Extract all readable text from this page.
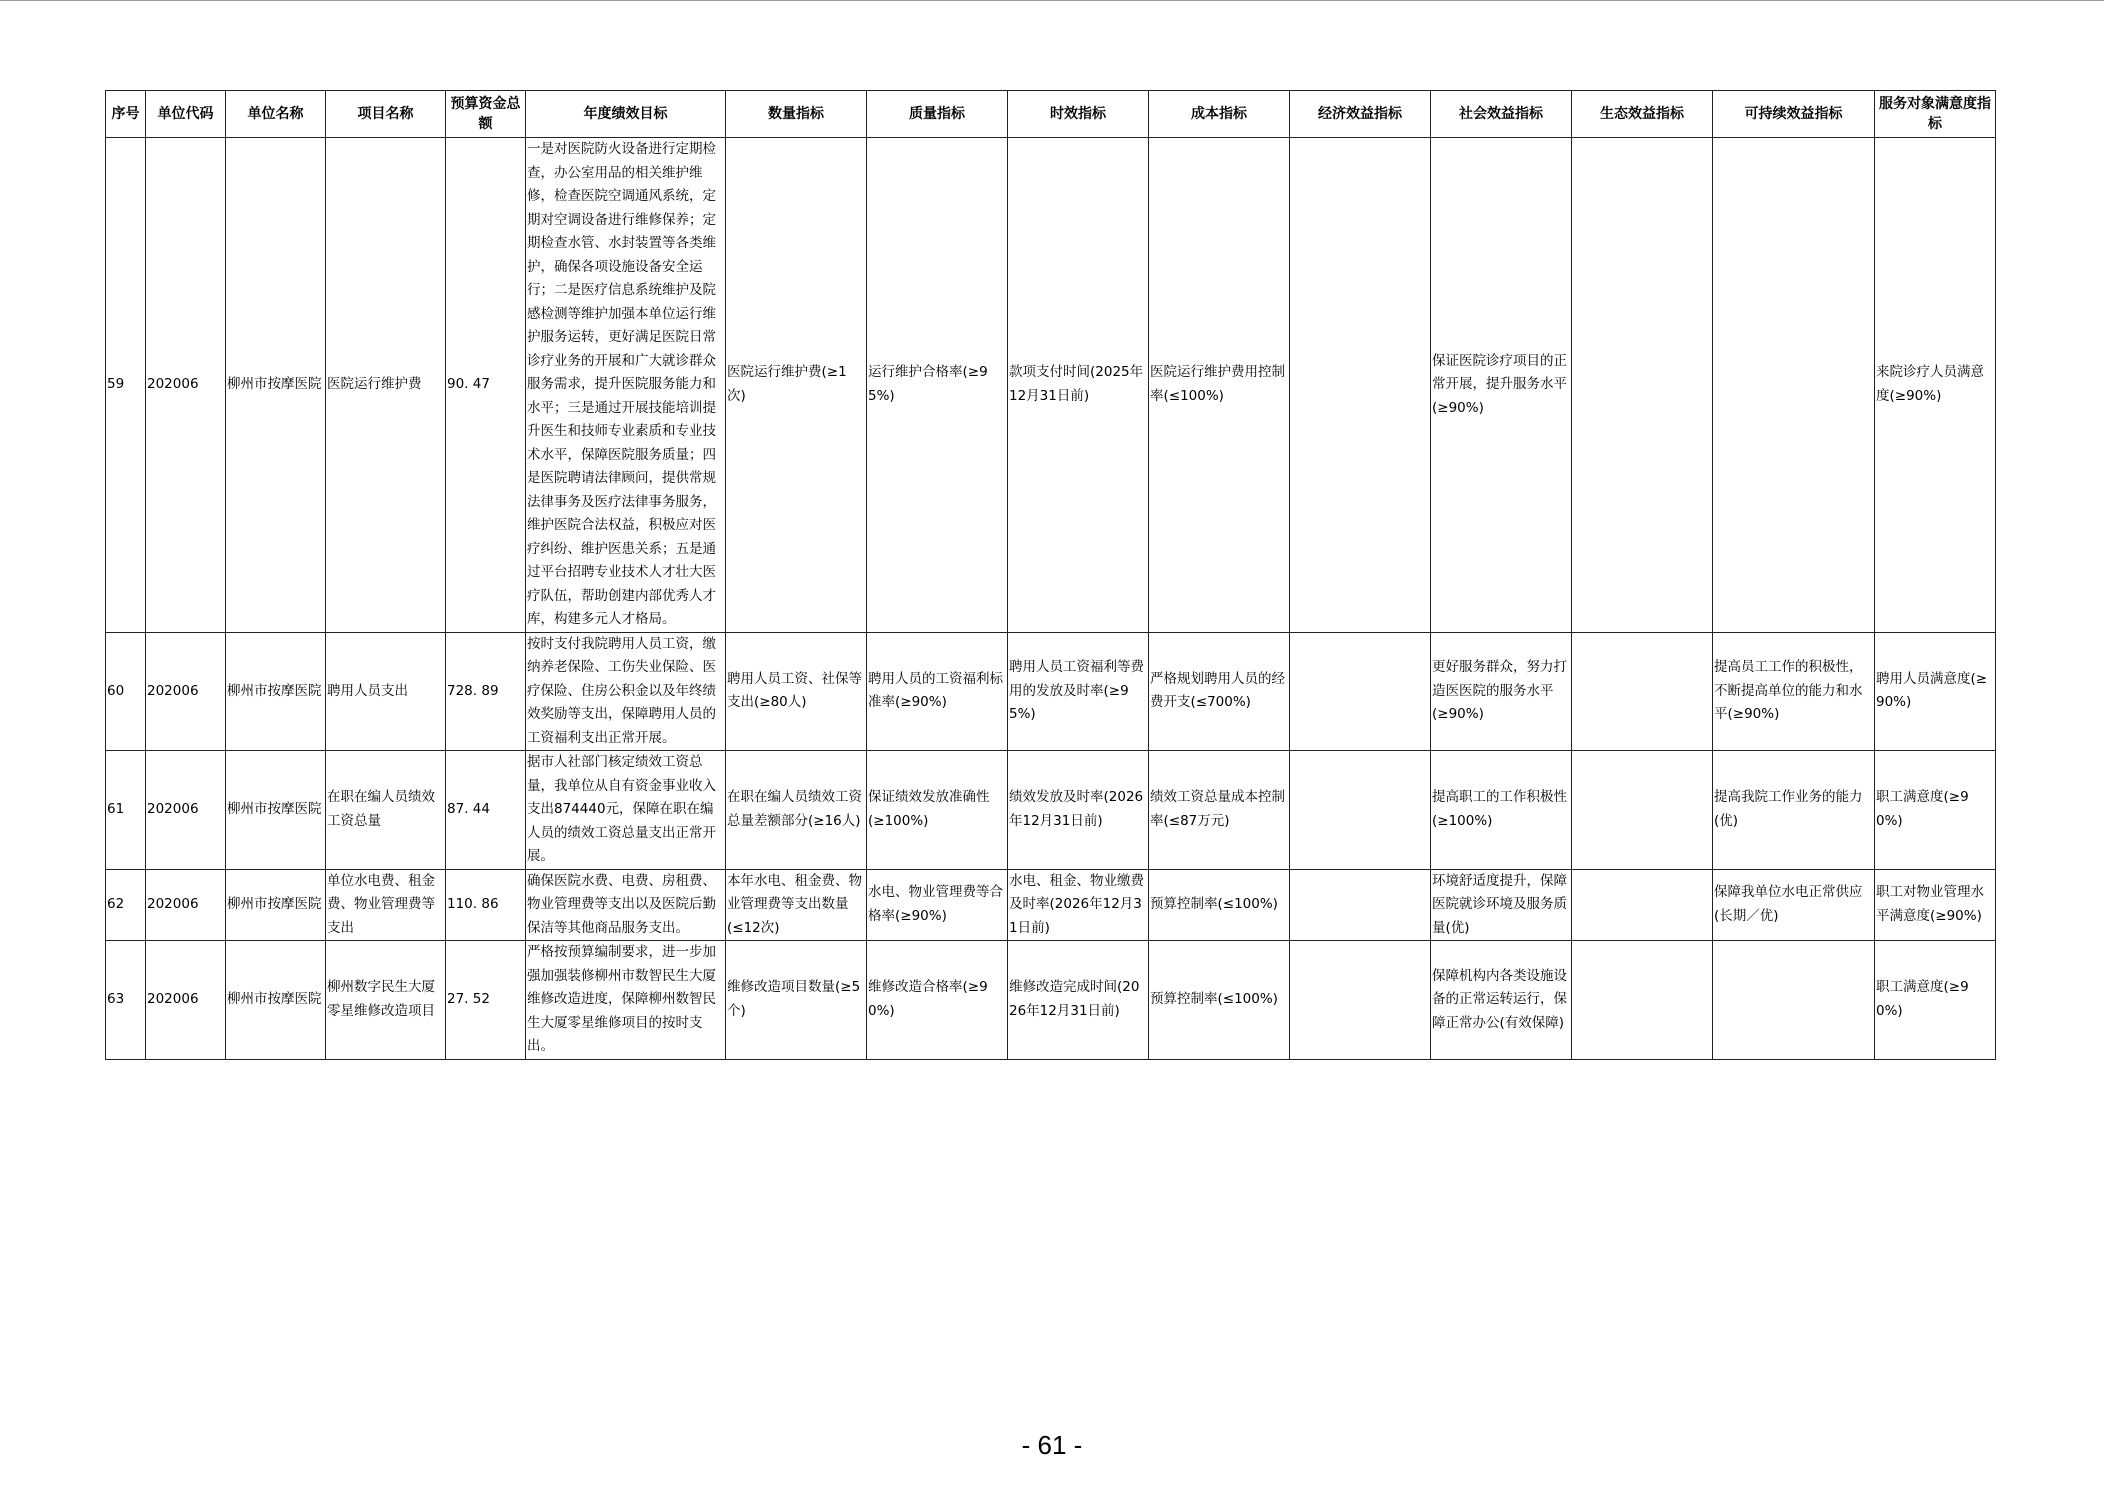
序号	单位代码	单位名称	项目名称	预算资金总额	年度绩效目标	数量指标	质量指标	时效指标	成本指标	经济效益指标	社会效益指标	生态效益指标	可持续效益指标	服务对象满意度指标
59	202006	柳州市按摩医院	医院运行维护费	90. 47	一是对医院防火设备进行定期检查，办公室用品的相关维护维修，检查医院空调通风系统，定期对空调设备进行维修保养；定期检查水管、水封装置等各类维护，确保各项设施设备安全运行；二是医疗信息系统维护及院感检测等维护加强本单位运行维护服务运转，更好满足医院日常诊疗业务的开展和广大就诊群众服务需求，提升医院服务能力和水平；三是通过开展技能培训提升医生和技师专业素质和专业技术水平，保障医院服务质量；四是医院聘请法律顾问，提供常规法律事务及医疗法律事务服务，维护医院合法权益，积极应对医疗纠纷、维护医患关系；五是通过平台招聘专业技术人才壮大医疗队伍，帮助创建内部优秀人才库，构建多元人才格局。	医院运行维护费(≥1次)	运行维护合格率(≥95%)	款项支付时间(2025年12月31日前)	医院运行维护费用控制率(≤100%)		保证医院诊疗项目的正常开展，提升服务水平(≥90%)			来院诊疗人员满意度(≥90%)
60	202006	柳州市按摩医院	聘用人员支出	728. 89	按时支付我院聘用人员工资，缴纳养老保险、工伤失业保险、医疗保险、住房公积金以及年终绩效奖励等支出，保障聘用人员的工资福利支出正常开展。	聘用人员工资、社保等支出(≥80人)	聘用人员的工资福利标准率(≥90%)	聘用人员工资福利等费用的发放及时率(≥95%)	严格规划聘用人员的经费开支(≤700%)		更好服务群众，努力打造医医院的服务水平(≥90%)		提高员工工作的积极性，不断提高单位的能力和水平(≥90%)	聘用人员满意度(≥90%)
61	202006	柳州市按摩医院	在职在编人员绩效工资总量	87. 44	据市人社部门核定绩效工资总量，我单位从自有资金事业收入支出874440元，保障在职在编人员的绩效工资总量支出正常开展。	在职在编人员绩效工资总量差额部分(≥16人)	保证绩效发放准确性(≥100%)	绩效发放及时率(2026年12月31日前)	绩效工资总量成本控制率(≤87万元)		提高职工的工作积极性(≥100%)		提高我院工作业务的能力(优)	职工满意度(≥90%)
62	202006	柳州市按摩医院	单位水电费、租金费、物业管理费等支出	110. 86	确保医院水费、电费、房租费、物业管理费等支出以及医院后勤保洁等其他商品服务支出。	本年水电、租金费、物业管理费等支出数量(≤12次)	水电、物业管理费等合格率(≥90%)	水电、租金、物业缴费及时率(2026年12月31日前)	预算控制率(≤100%)		环境舒适度提升，保障医院就诊环境及服务质量(优)		保障我单位水电正常供应(长期／优)	职工对物业管理水平满意度(≥90%)
63	202006	柳州市按摩医院	柳州数字民生大厦零星维修改造项目	27. 52	严格按预算编制要求，进一步加强加强装修柳州市数智民生大厦维修改造进度，保障柳州数智民生大厦零星维修项目的按时支出。	维修改造项目数量(≥5个)	维修改造合格率(≥90%)	维修改造完成时间(2026年12月31日前)	预算控制率(≤100%)		保障机构内各类设施设备的正常运转运行，保障正常办公(有效保障)			职工满意度(≥90%)
- 61 -
